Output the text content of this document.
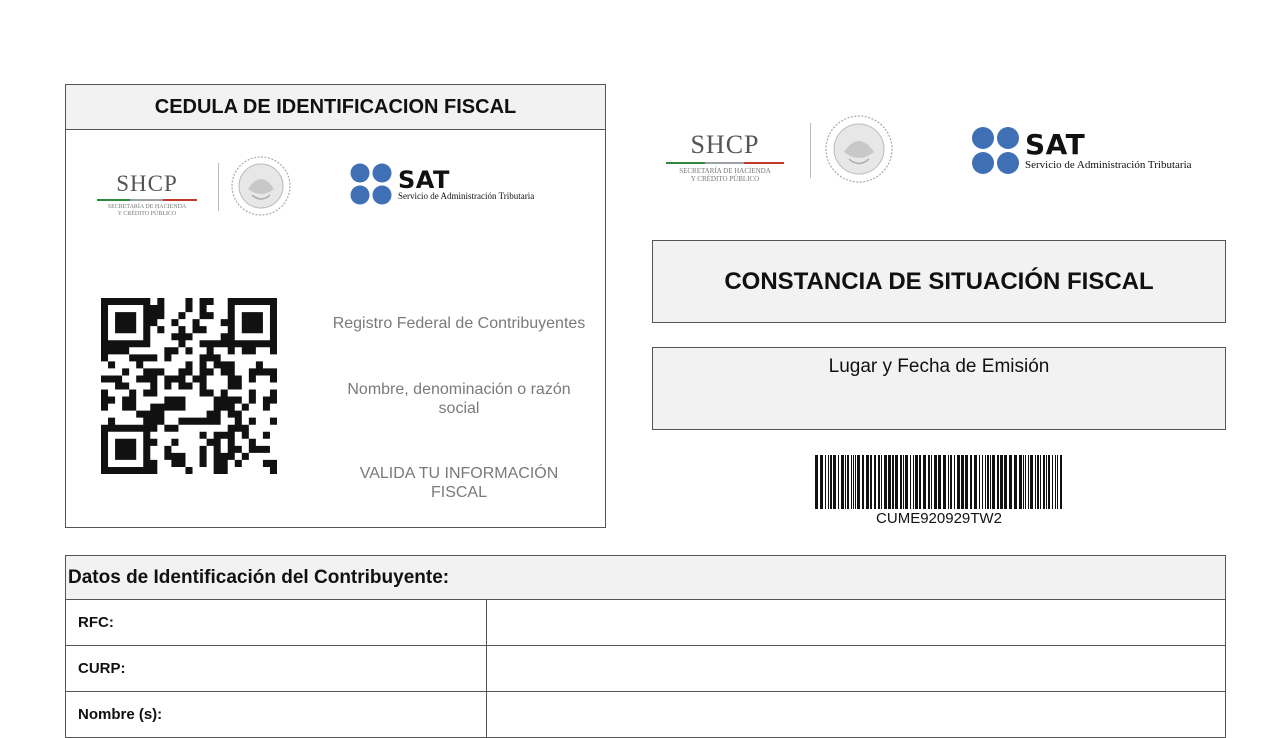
CEDULA DE IDENTIFICACION FISCAL
SHCP
SECRETARÍA DE HACIENDA
Y CRÉDITO PÚBLICO
SAT
Servicio de Administración Tributaria
Registro Federal de Contribuyentes
Nombre, denominación o razón social
VALIDA TU INFORMACIÓN FISCAL
SHCP
SECRETARÍA DE HACIENDA
Y CRÉDITO PÚBLICO
SAT
Servicio de Administración Tributaria
CONSTANCIA DE SITUACIÓN FISCAL
Lugar y Fecha de Emisión
CUME920929TW2
Datos de Identificación del Contribuyente:
RFC:
CURP:
Nombre (s):
